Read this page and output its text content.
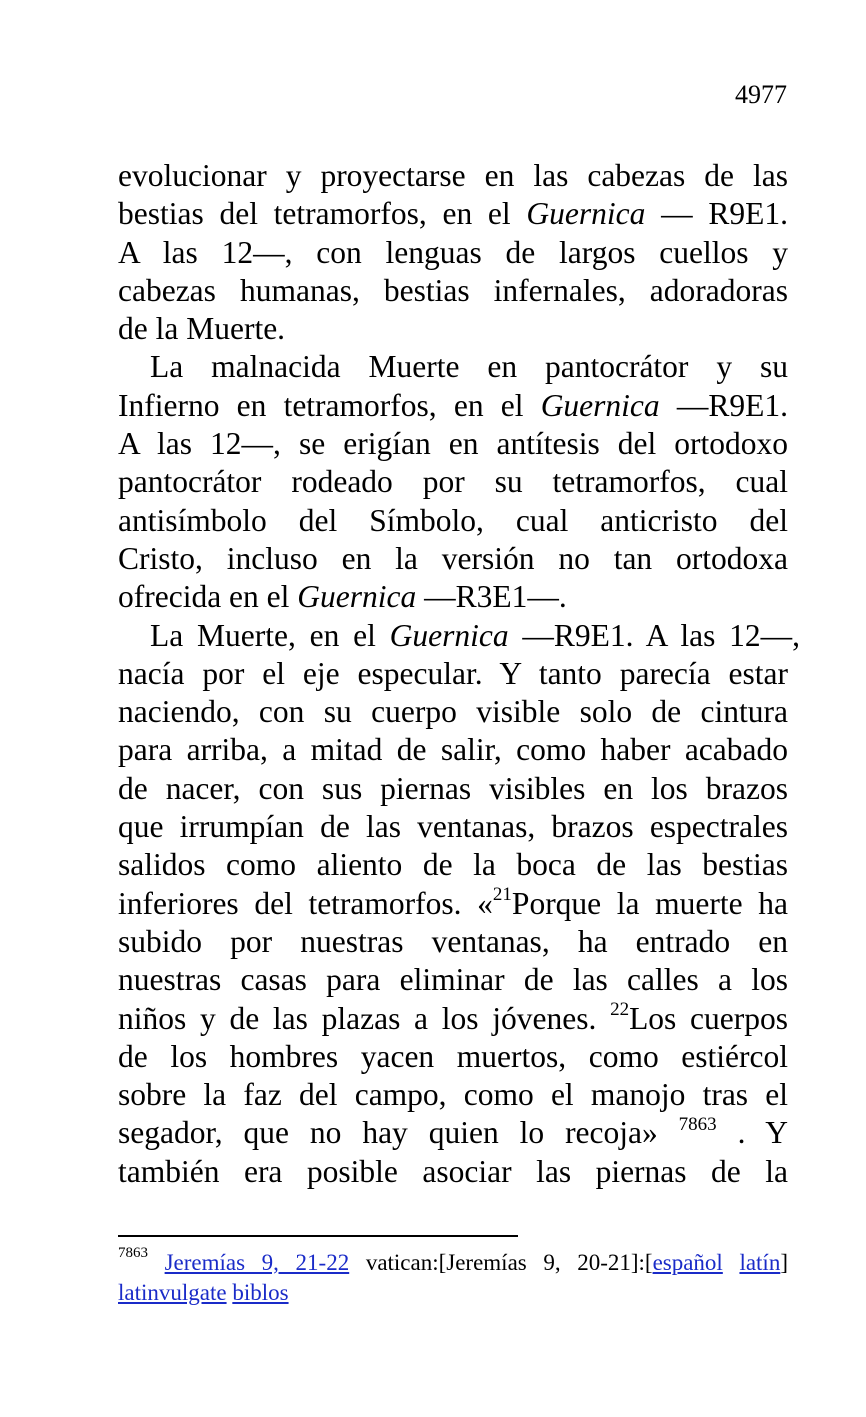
4977
evolucionar y proyectarse en las cabezas de las
bestias del tetramorfos, en el Guernica — R9E1.
A las 12—, con lenguas de largos cuellos y
cabezas humanas, bestias infernales, adoradoras
de la Muerte.
La malnacida Muerte en pantocrátor y su
Infierno en tetramorfos, en el Guernica —R9E1.
A las 12—, se erigían en antítesis del ortodoxo
pantocrátor rodeado por su tetramorfos, cual
antisímbolo del Símbolo, cual anticristo del
Cristo, incluso en la versión no tan ortodoxa
ofrecida en el Guernica —R3E1—.
La Muerte, en el Guernica —R9E1. A las 12—,
nacía por el eje especular. Y tanto parecía estar
naciendo, con su cuerpo visible solo de cintura
para arriba, a mitad de salir, como haber acabado
de nacer, con sus piernas visibles en los brazos
que irrumpían de las ventanas, brazos espectrales
salidos como aliento de la boca de las bestias
inferiores del tetramorfos. «$^{21}$Porque la muerte ha
subido por nuestras ventanas, ha entrado en
nuestras casas para eliminar de las calles a los
niños y de las plazas a los jóvenes. $^{22}$Los cuerpos
de los hombres yacen muertos, como estiércol
sobre la faz del campo, como el manojo tras el
segador, que no hay quien lo recoja» $^{7863}$ . Y
también era posible asociar las piernas de la
$^{7863}$ Jeremías 9, 21-22 vatican:[Jeremías 9, 20-21]:[español latín]
latinvulgate biblos
